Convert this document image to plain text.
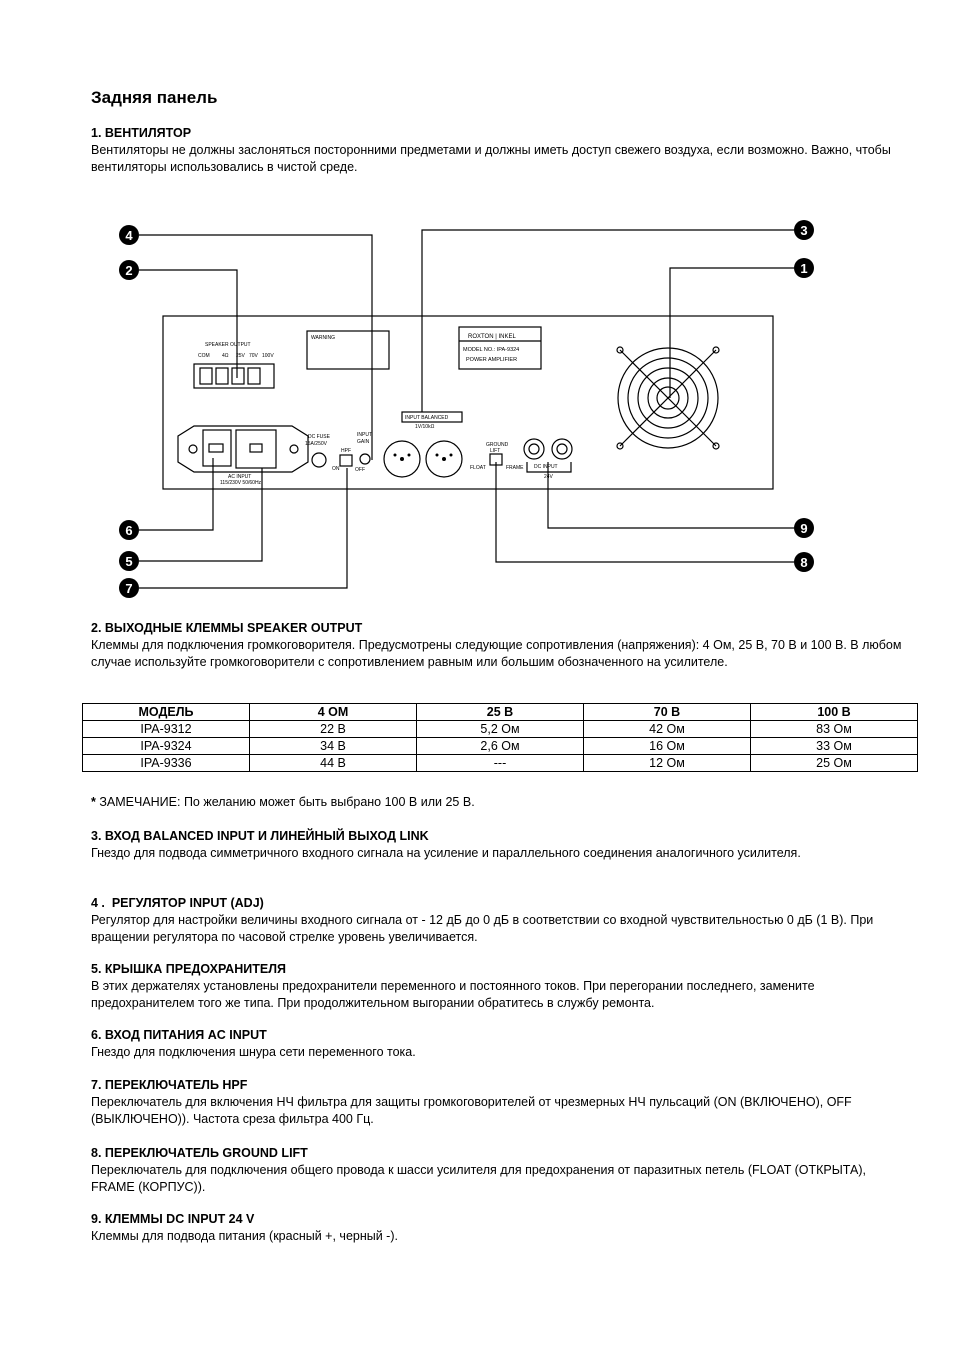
Задняя панель
1. ВЕНТИЛЯТОР

Вентиляторы не должны заслоняться посторонними предметами и должны иметь доступ свежего воздуха, если возможно. Важно, чтобы вентиляторы использовались в чистой среде.

SPEAKER OUTPUT
COM 4Ω 25V 70V 100V
WARNING	ROXTON | INKEL
MODEL NO.: IPA-9324
POWER AMPLIFIER
INPUT BALANCED
1V/10kΩ
DC FUSE
15A/250V
INPUT
GAIN
HPF
ON	OFF
GROUND
LIFT
FLOAT	FRAME DC INPUT
24V
AC INPUT
115/230V 50/60Hz
4
2
3
1
6
5
7
9
8
2. ВЫХОДНЫЕ КЛЕММЫ SPEAKER OUTPUT

Клеммы для подключения громкоговорителя. Предусмотрены следующие сопротивления (напряжения): 4 Ом, 25 В, 70 В и 100 В. В любом случае используйте громкоговорители с сопротивлением равным или большим обозначенного на усилителе.

МОДЕЛЬ	4 ОМ	25 В	70 В	100 В
IPA-9312	22 В	5,2 Ом	42 Ом	83 Ом
IPA-9324	34 В	2,6 Ом	16 Ом	33 Ом
IPA-9336	44 В	---	12 Ом	25 Ом

* ЗАМЕЧАНИЕ: По желанию может быть выбрано 100 В или 25 В.

3. ВХОД BALANCED INPUT И ЛИНЕЙНЫЙ ВЫХОД LINK

Гнездо для подвода симметричного входного сигнала на усиление и параллельного соединения аналогичного усилителя.

4 .  РЕГУЛЯТОР INPUT (ADJ)

Регулятор для настройки величины входного сигнала от - 12 дБ до 0 дБ в соответствии со входной чувствительностью 0 дБ (1 В). При вращении регулятора по часовой стрелке уровень увеличивается.

5. КРЫШКА ПРЕДОХРАНИТЕЛЯ

В этих держателях установлены предохранители переменного и постоянного токов. При перегорании последнего, замените предохранителем того же типа. При продолжительном выгорании обратитесь в службу ремонта.

6. ВХОД ПИТАНИЯ AC INPUT

Гнездо для подключения шнура сети переменного тока.

7. ПЕРЕКЛЮЧАТЕЛЬ HPF

Переключатель для включения НЧ фильтра для защиты громкоговорителей от чрезмерных НЧ пульсаций (ON (ВКЛЮЧЕНО), OFF (ВЫКЛЮЧЕНО)). Частота среза фильтра 400 Гц.

8. ПЕРЕКЛЮЧАТЕЛЬ GROUND LIFT

Переключатель для подключения общего провода к шасси усилителя для предохранения от паразитных петель (FLOAT (ОТКРЫТА), FRAME (КОРПУС)).

9. КЛЕММЫ DC INPUT 24 V

Клеммы для подвода питания (красный +, черный -).
